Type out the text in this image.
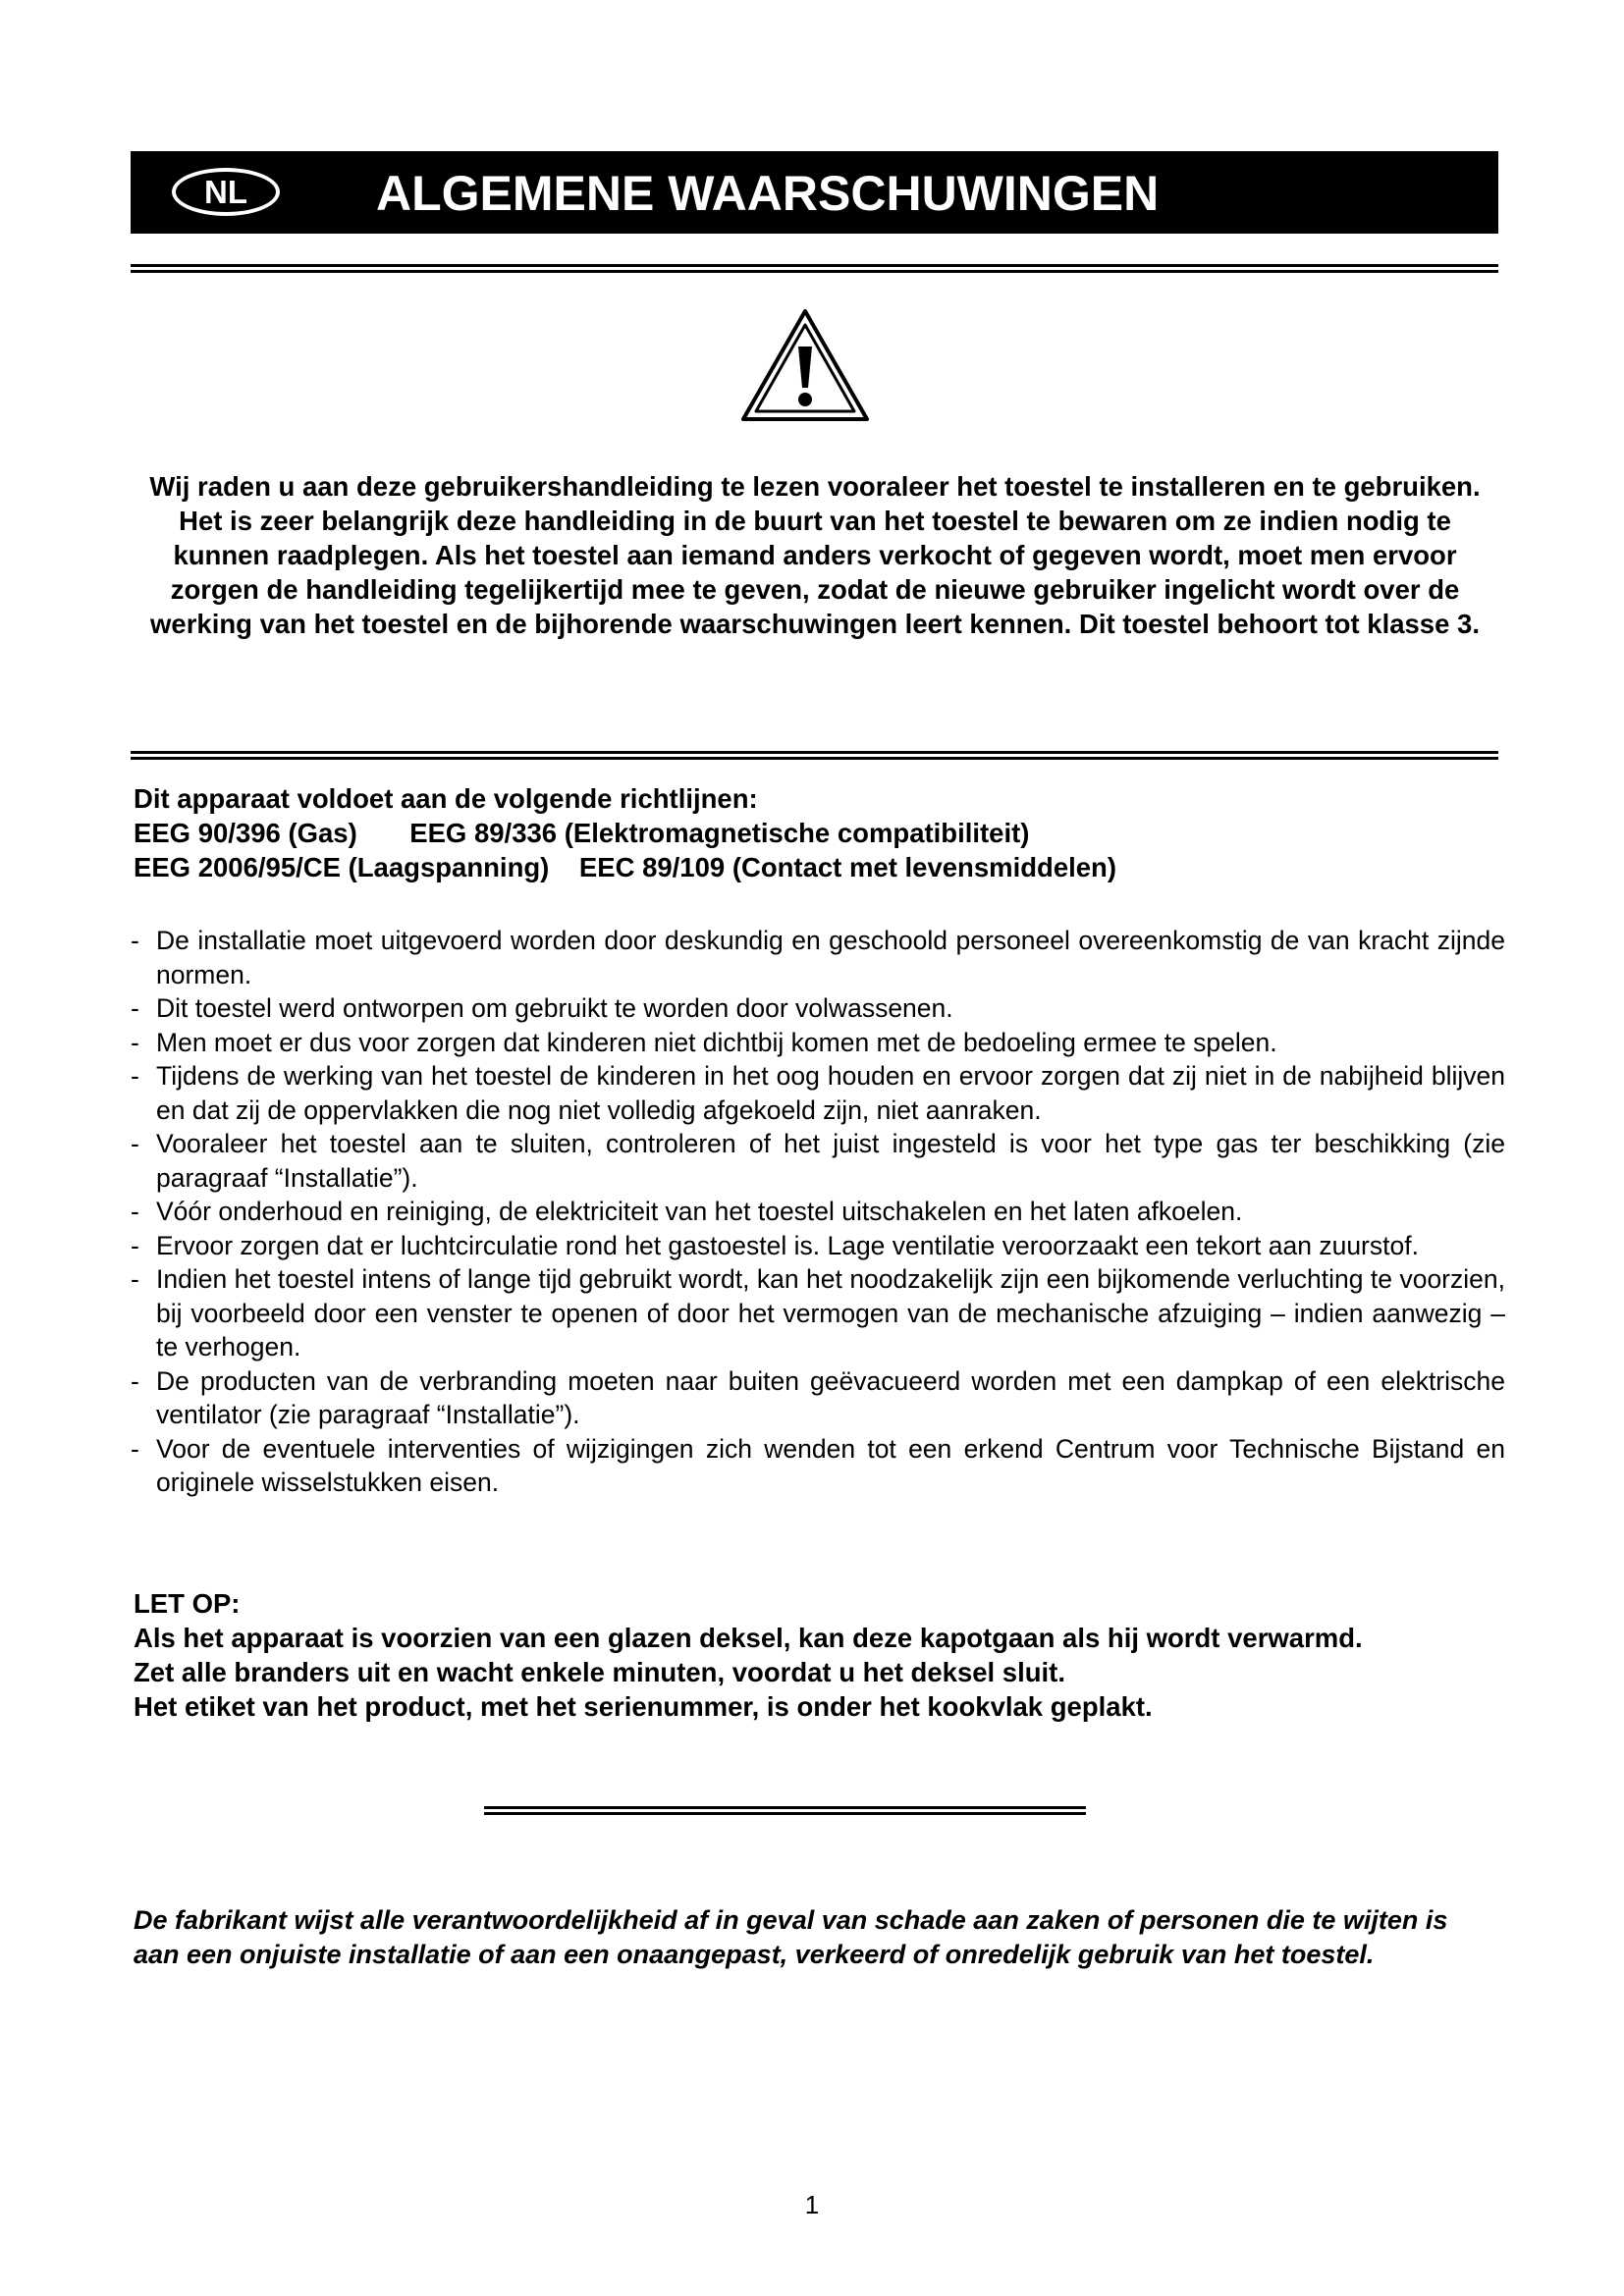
NL	ALGEMENE WAARSCHUWINGEN

Wij raden u aan deze gebruikershandleiding te lezen vooraleer het toestel te installeren en te gebruiken.

Het is zeer belangrijk deze handleiding in de buurt van het toestel te bewaren om ze indien nodig te kunnen raadplegen. Als het toestel aan iemand anders verkocht of gegeven wordt, moet men ervoor zorgen de handleiding tegelijkertijd mee te geven, zodat de nieuwe gebruiker ingelicht wordt over de werking van het toestel en de bijhorende waarschuwingen leert kennen. Dit toestel behoort tot klasse 3.

Dit apparaat voldoet aan de volgende richtlijnen:
EEG 90/396 (Gas)       EEG 89/336 (Elektromagnetische compatibiliteit)
EEG 2006/95/CE (Laagspanning)    EEC 89/109 (Contact met levensmiddelen)
- De installatie moet uitgevoerd worden door deskundig en geschoold personeel overeenkomstig de van kracht zijnde normen.
- Dit toestel werd ontworpen om gebruikt te worden door volwassenen.
- Men moet er dus voor zorgen dat kinderen niet dichtbij komen met de bedoeling ermee te spelen.
- Tijdens de werking van het toestel de kinderen in het oog houden en ervoor zorgen dat zij niet in de nabijheid blijven en dat zij de oppervlakken die nog niet volledig afgekoeld zijn, niet aanraken.
- Vooraleer het toestel aan te sluiten, controleren of het juist ingesteld is voor het type gas ter beschikking (zie paragraaf “Installatie”).
- Vóór onderhoud en reiniging, de elektriciteit van het toestel uitschakelen en het laten afkoelen.
- Ervoor zorgen dat er luchtcirculatie rond het gastoestel is. Lage ventilatie veroorzaakt een tekort aan zuurstof.
- Indien het toestel intens of lange tijd gebruikt wordt, kan het noodzakelijk zijn een bijkomende verluchting te voorzien, bij voorbeeld door een venster te openen of door het vermogen van de mechanische afzuiging – indien aanwezig – te verhogen.
- De producten van de verbranding moeten naar buiten geëvacueerd worden met een dampkap of een elektrische ventilator (zie paragraaf “Installatie”).
- Voor de eventuele interventies of wijzigingen zich wenden tot een erkend Centrum voor Technische Bijstand en originele wisselstukken eisen.
LET OP:
Als het apparaat is voorzien van een glazen deksel, kan deze kapotgaan als hij wordt verwarmd.
Zet alle branders uit en wacht enkele minuten, voordat u het deksel sluit.
Het etiket van het product, met het serienummer, is onder het kookvlak geplakt.
De fabrikant wijst alle verantwoordelijkheid af in geval van schade aan zaken of personen die te wijten is aan een onjuiste installatie of aan een onaangepast, verkeerd of onredelijk gebruik van het toestel.
1
